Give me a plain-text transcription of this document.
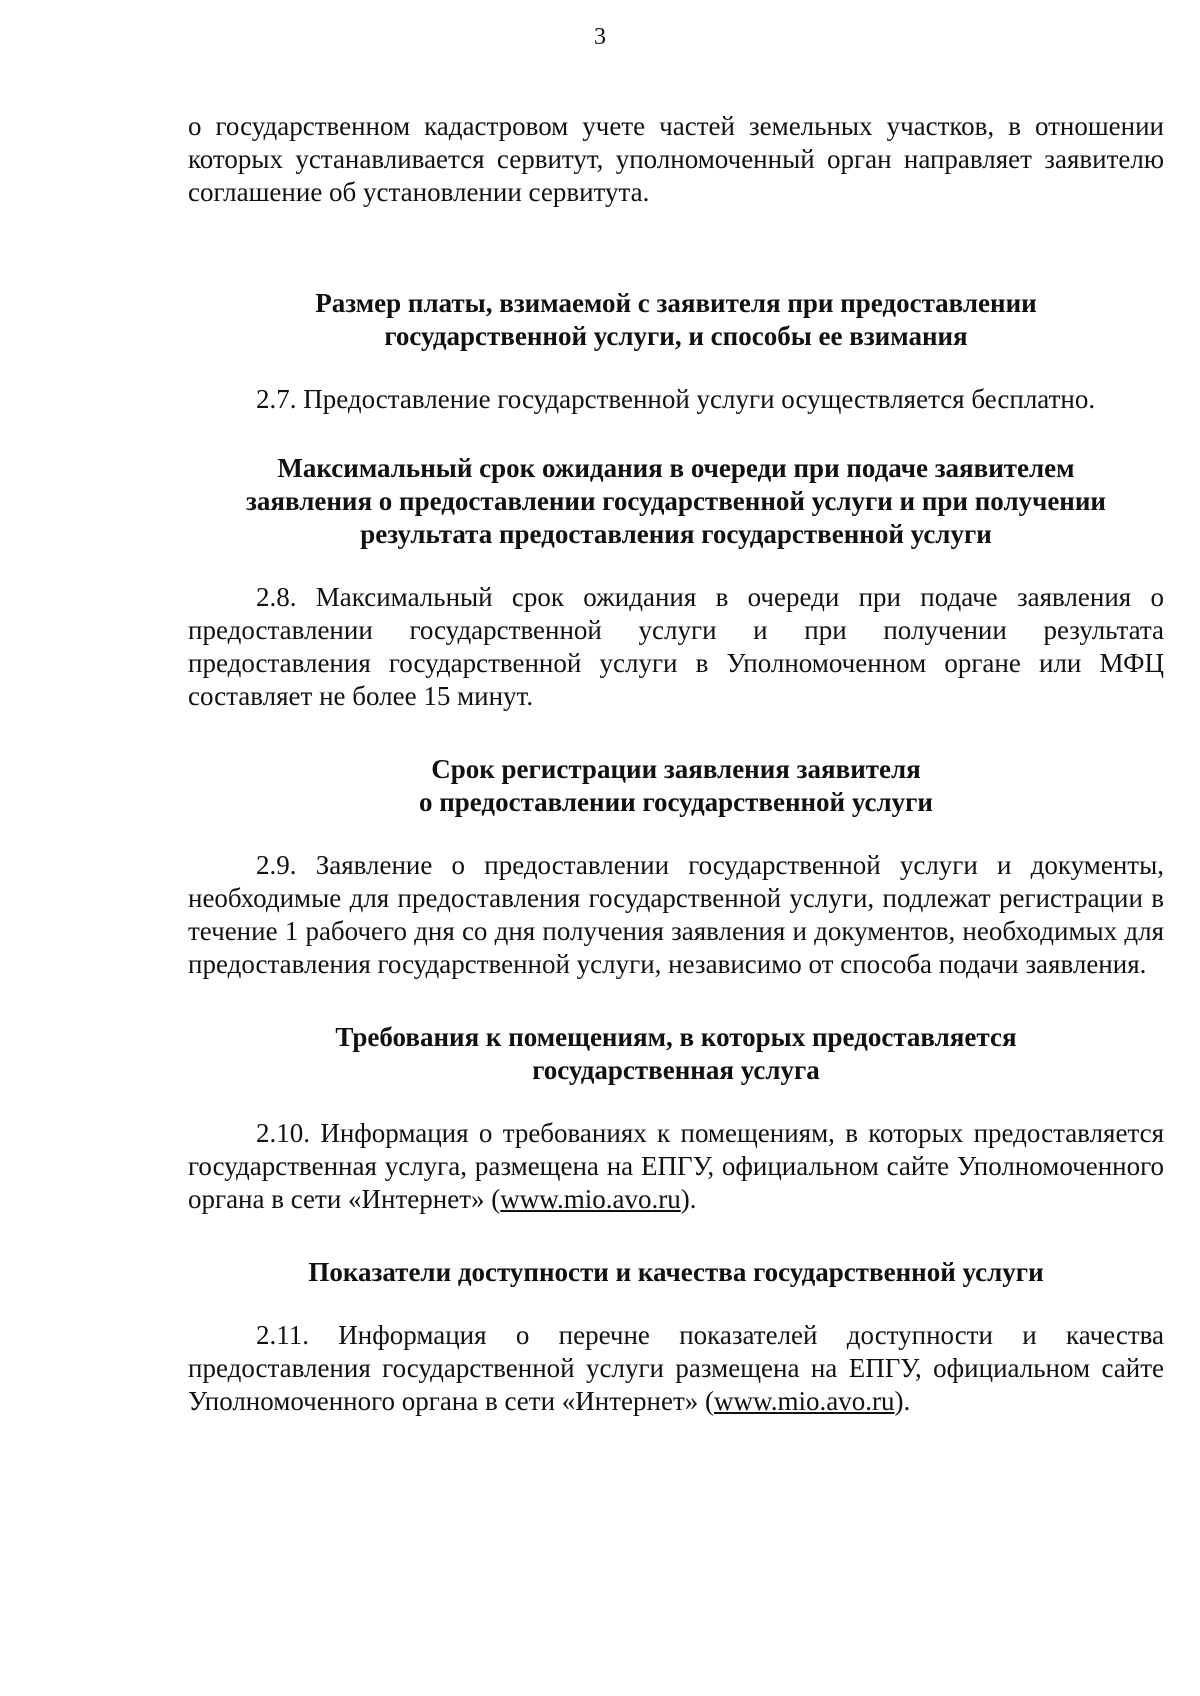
3

о государственном кадастровом учете частей земельных участков, в отношении которых устанавливается сервитут, уполномоченный орган направляет заявителю соглашение об установлении сервитута.

Размер платы, взимаемой с заявителя при предоставлении
государственной услуги, и способы ее взимания

2.7. Предоставление государственной услуги осуществляется бесплатно.

Максимальный срок ожидания в очереди при подаче заявителем
заявления о предоставлении государственной услуги и при получении
результата предоставления государственной услуги

2.8. Максимальный срок ожидания в очереди при подаче заявления о предоставлении государственной услуги и при получении результата предоставления государственной услуги в Уполномоченном органе или МФЦ составляет не более 15 минут.

Срок регистрации заявления заявителя
о предоставлении государственной услуги

2.9. Заявление о предоставлении государственной услуги и документы, необходимые для предоставления государственной услуги, подлежат регистрации в течение 1 рабочего дня со дня получения заявления и документов, необходимых для предоставления государственной услуги, независимо от способа подачи заявления.

Требования к помещениям, в которых предоставляется
государственная услуга

2.10. Информация о требованиях к помещениям, в которых предоставляется государственная услуга, размещена на ЕПГУ, официальном сайте Уполномоченного органа в сети «Интернет» (www.mio.avo.ru).

Показатели доступности и качества государственной услуги

2.11. Информация о перечне показателей доступности и качества предоставления государственной услуги размещена на ЕПГУ, официальном сайте Уполномоченного органа в сети «Интернет» (www.mio.avo.ru).
